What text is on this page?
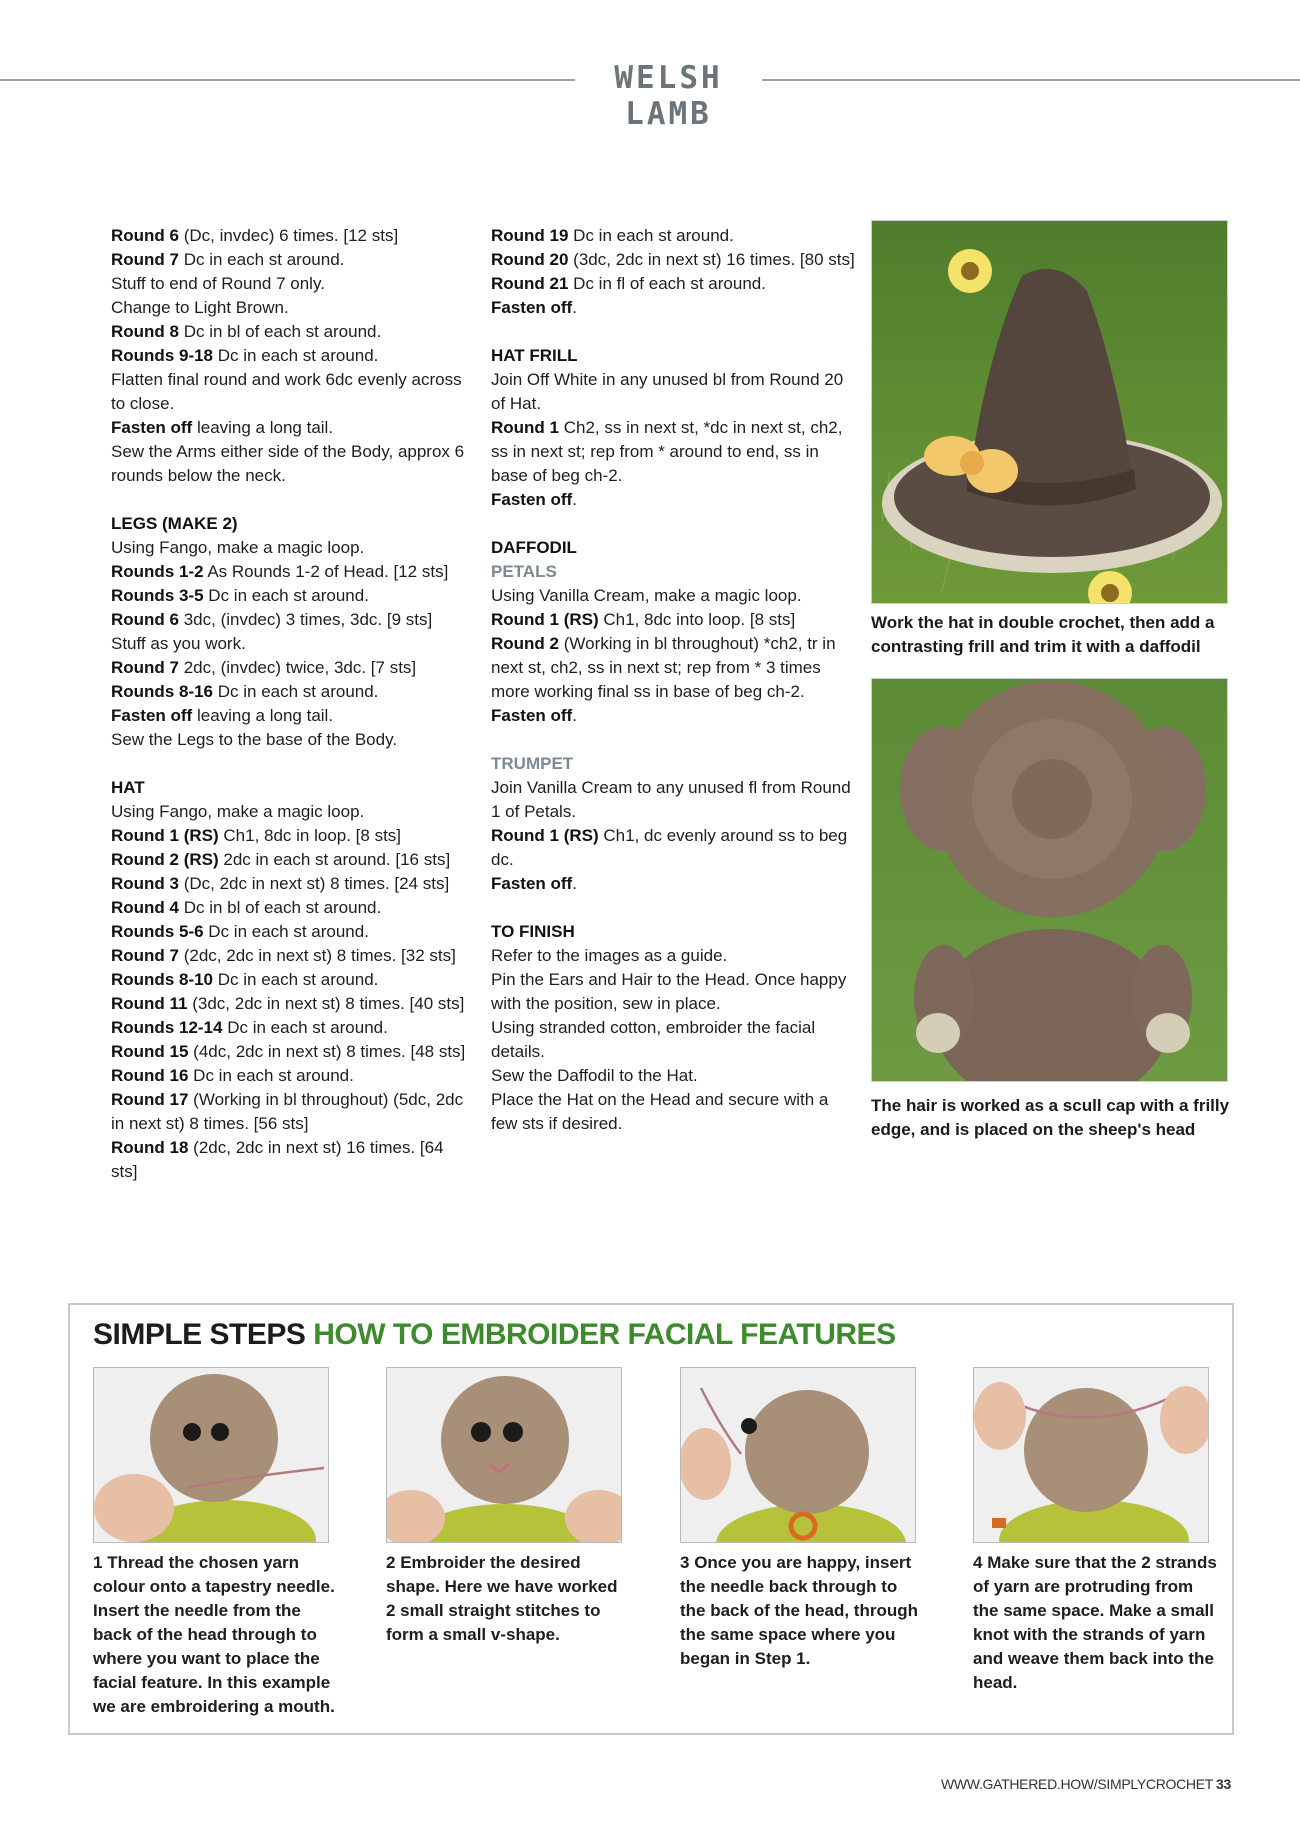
WELSH LAMB

Round 6 (Dc, invdec) 6 times. [12 sts]

Round 7 Dc in each st around.

Stuff to end of Round 7 only.

Change to Light Brown.

Round 8 Dc in bl of each st around.

Rounds 9-18 Dc in each st around.

Flatten final round and work 6dc evenly across to close.

Fasten off leaving a long tail.

Sew the Arms either side of the Body, approx 6 rounds below the neck.

LEGS (MAKE 2)

Using Fango, make a magic loop.

Rounds 1-2 As Rounds 1-2 of Head. [12 sts]

Rounds 3-5 Dc in each st around.

Round 6 3dc, (invdec) 3 times, 3dc. [9 sts]

Stuff as you work.

Round 7 2dc, (invdec) twice, 3dc. [7 sts]

Rounds 8-16 Dc in each st around.

Fasten off leaving a long tail.

Sew the Legs to the base of the Body.

HAT

Using Fango, make a magic loop.

Round 1 (RS) Ch1, 8dc in loop. [8 sts]

Round 2 (RS) 2dc in each st around. [16 sts]

Round 3 (Dc, 2dc in next st) 8 times. [24 sts]

Round 4 Dc in bl of each st around.

Rounds 5-6 Dc in each st around.

Round 7 (2dc, 2dc in next st) 8 times. [32 sts]

Rounds 8-10 Dc in each st around.

Round 11 (3dc, 2dc in next st) 8 times. [40 sts]

Rounds 12-14 Dc in each st around.

Round 15 (4dc, 2dc in next st) 8 times. [48 sts]

Round 16 Dc in each st around.

Round 17 (Working in bl throughout) (5dc, 2dc in next st) 8 times. [56 sts]

Round 18 (2dc, 2dc in next st) 16 times. [64 sts]

Round 19 Dc in each st around.

Round 20 (3dc, 2dc in next st) 16 times. [80 sts]

Round 21 Dc in fl of each st around.

Fasten off.

HAT FRILL

Join Off White in any unused bl from Round 20 of Hat.

Round 1 Ch2, ss in next st, *dc in next st, ch2, ss in next st; rep from * around to end, ss in base of beg ch-2.

Fasten off.

DAFFODIL

PETALS

Using Vanilla Cream, make a magic loop.

Round 1 (RS) Ch1, 8dc into loop. [8 sts]

Round 2 (Working in bl throughout) *ch2, tr in next st, ch2, ss in next st; rep from * 3 times more working final ss in base of beg ch-2.

Fasten off.

TRUMPET

Join Vanilla Cream to any unused fl from Round 1 of Petals.

Round 1 (RS) Ch1, dc evenly around ss to beg dc.

Fasten off.

TO FINISH

Refer to the images as a guide.

Pin the Ears and Hair to the Head. Once happy with the position, sew in place.

Using stranded cotton, embroider the facial details.

Sew the Daffodil to the Hat.

Place the Hat on the Head and secure with a few sts if desired.

Work the hat in double crochet, then add a contrasting frill and trim it with a daffodil
The hair is worked as a scull cap with a frilly edge, and is placed on the sheep's head
SIMPLE STEPS HOW TO EMBROIDER FACIAL FEATURES
1 Thread the chosen yarn colour onto a tapestry needle. Insert the needle from the back of the head through to where you want to place the facial feature. In this example we are embroidering a mouth.
2 Embroider the desired shape. Here we have worked 2 small straight stitches to form a small v-shape.
3 Once you are happy, insert the needle back through to the back of the head, through the same space where you began in Step 1.
4 Make sure that the 2 strands of yarn are protruding from the same space. Make a small knot with the strands of yarn and weave them back into the head.
WWW.GATHERED.HOW/SIMPLYCROCHET 33
